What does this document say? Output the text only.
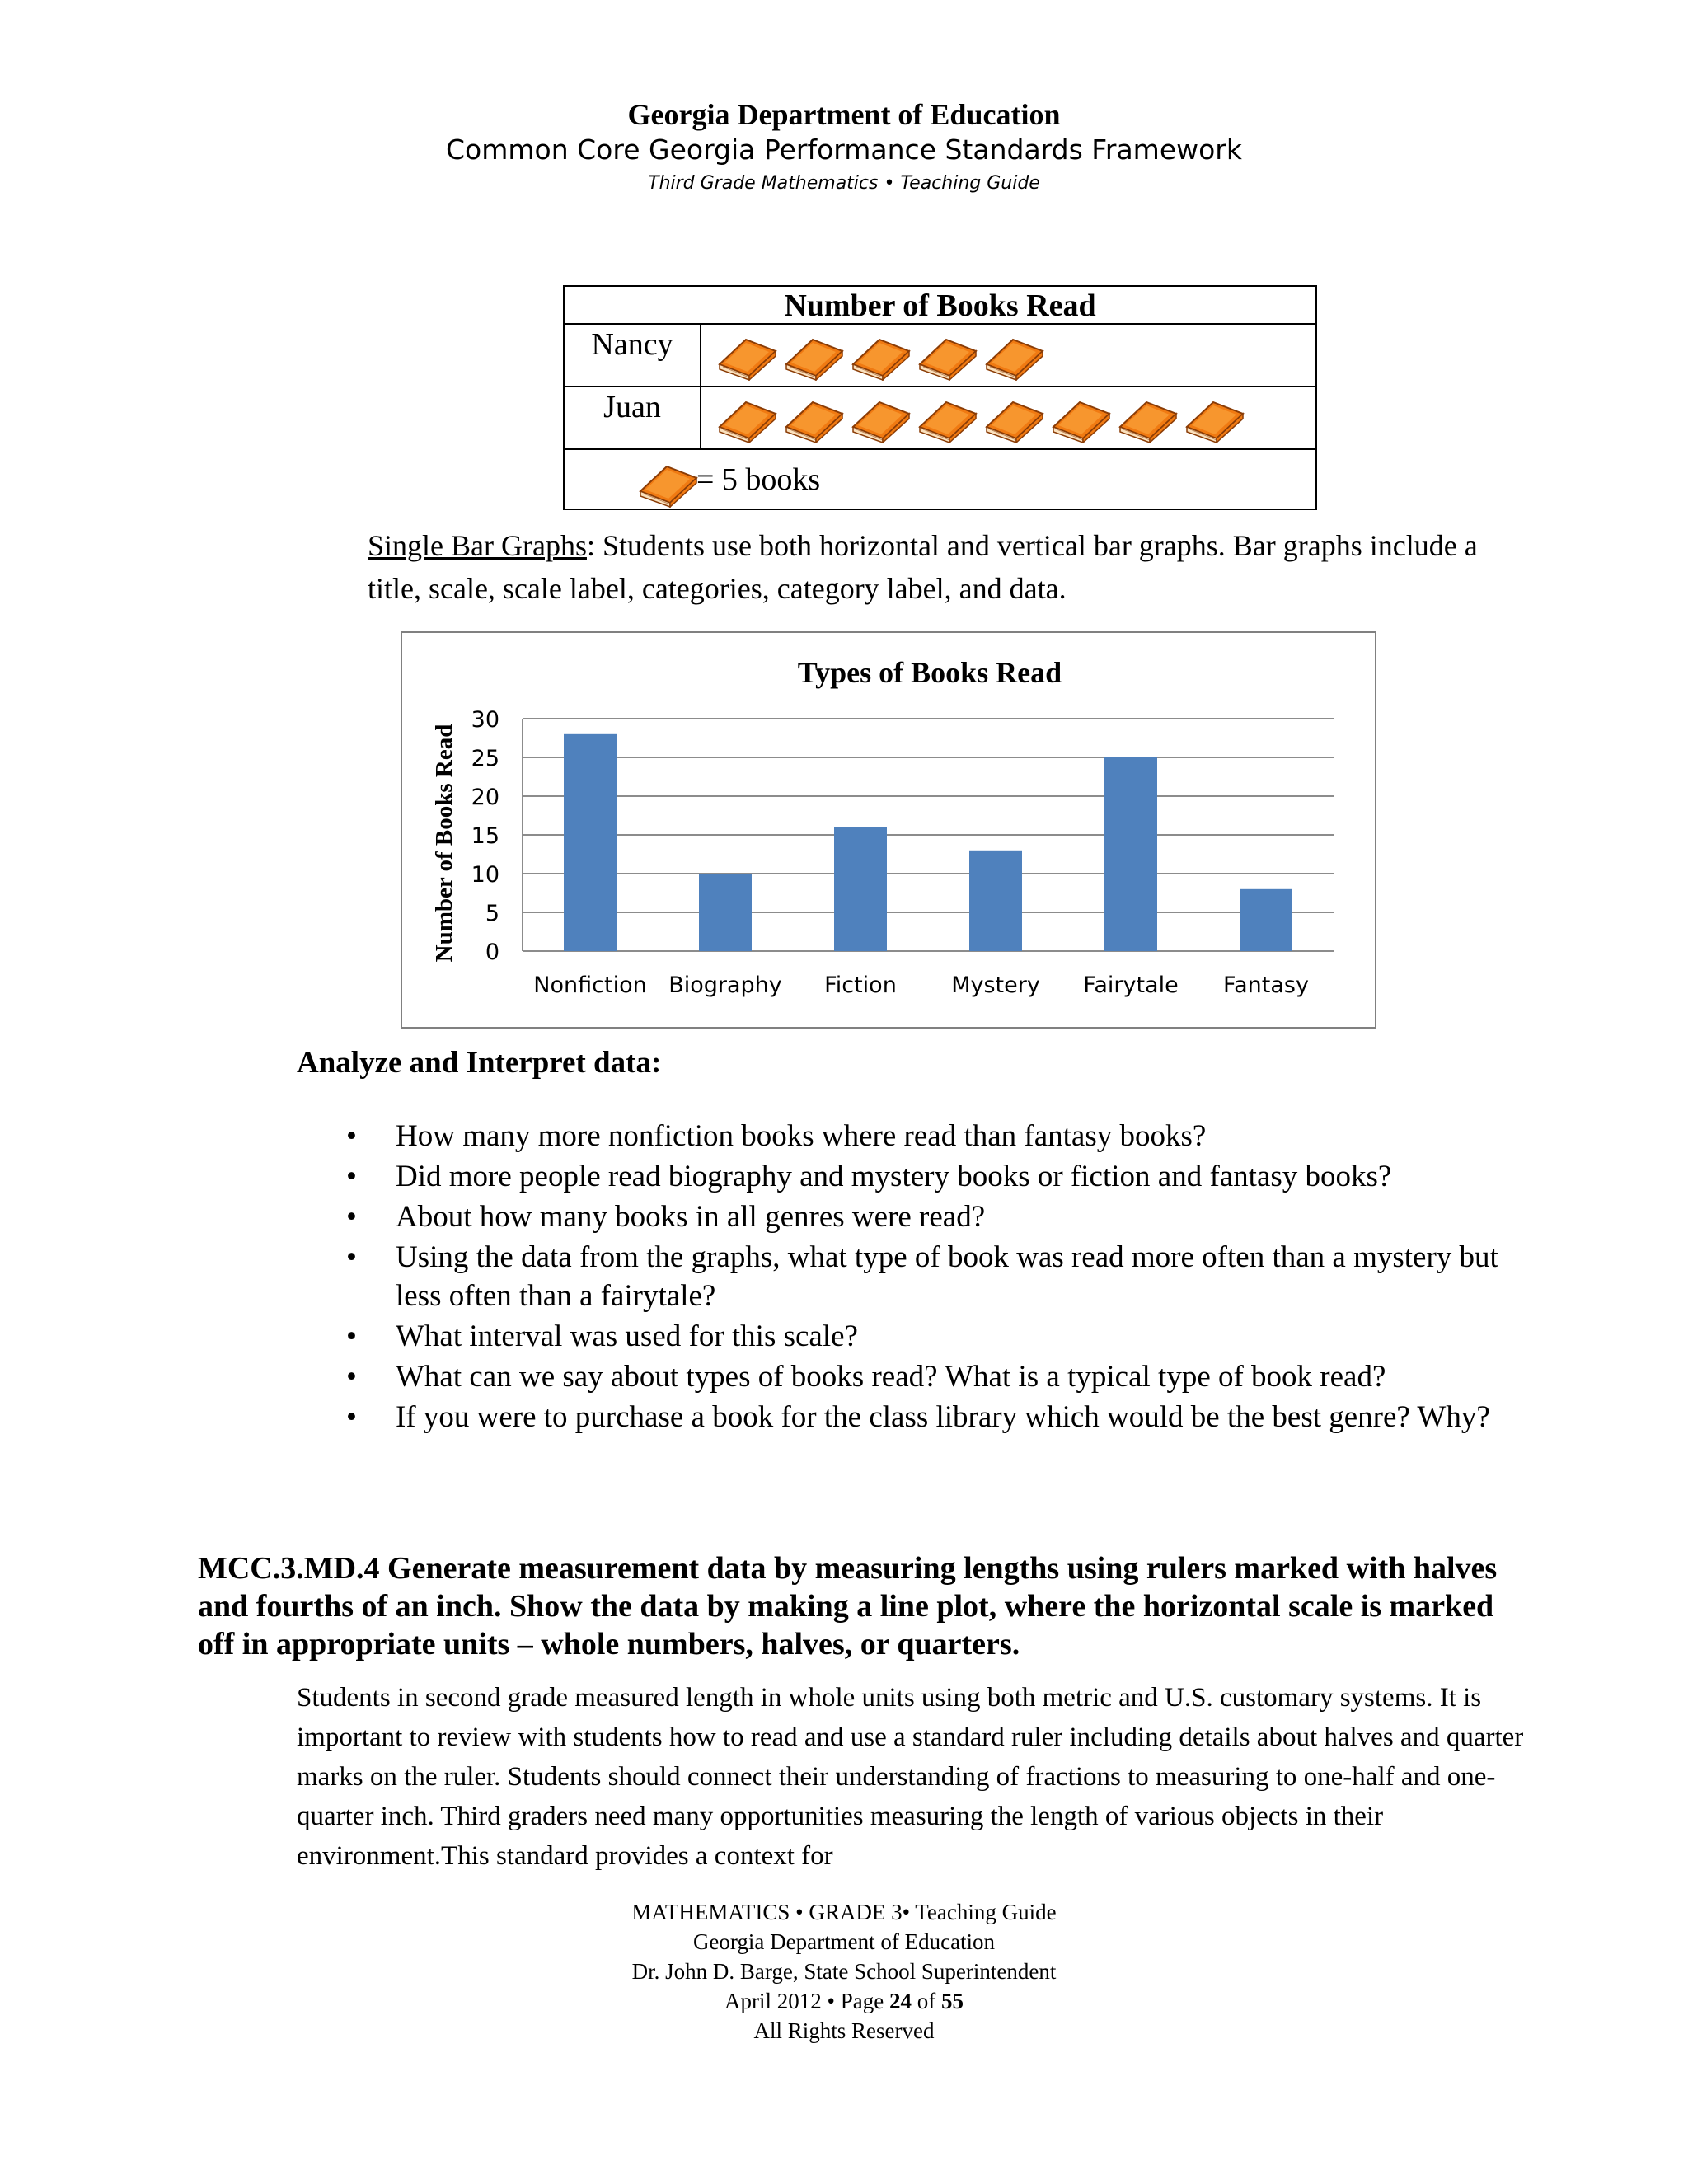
Georgia Department of Education
Common Core Georgia Performance Standards Framework
Third Grade Mathematics • Teaching Guide
Number of Books Read
Nancy
Juan
= 5 books
Single Bar Graphs: Students use both horizontal and vertical bar graphs. Bar graphs include a title, scale, scale label, categories, category label, and data.
Types of Books Read
0
5
10
15
20
25
30
Number of Books Read
Nonfiction Biography Fiction Mystery Fairytale Fantasy
Analyze and Interpret data:
• How many more nonfiction books where read than fantasy books?
• Did more people read biography and mystery books or fiction and fantasy books?
• About how many books in all genres were read?
• Using the data from the graphs, what type of book was read more often than a mystery but less often than a fairytale?
• What interval was used for this scale?
• What can we say about types of books read? What is a typical type of book read?
• If you were to purchase a book for the class library which would be the best genre? Why?
MCC.3.MD.4 Generate measurement data by measuring lengths using rulers marked with halves and fourths of an inch. Show the data by making a line plot, where the horizontal scale is marked off in appropriate units – whole numbers, halves, or quarters.
Students in second grade measured length in whole units using both metric and U.S. customary systems. It is important to review with students how to read and use a standard ruler including details about halves and quarter marks on the ruler. Students should connect their understanding of fractions to measuring to one-half and one-quarter inch. Third graders need many opportunities measuring the length of various objects in their environment.This standard provides a context for
MATHEMATICS • GRADE 3• Teaching Guide
Georgia Department of Education
Dr. John D. Barge, State School Superintendent
April 2012 • Page 24 of 55
All Rights Reserved
